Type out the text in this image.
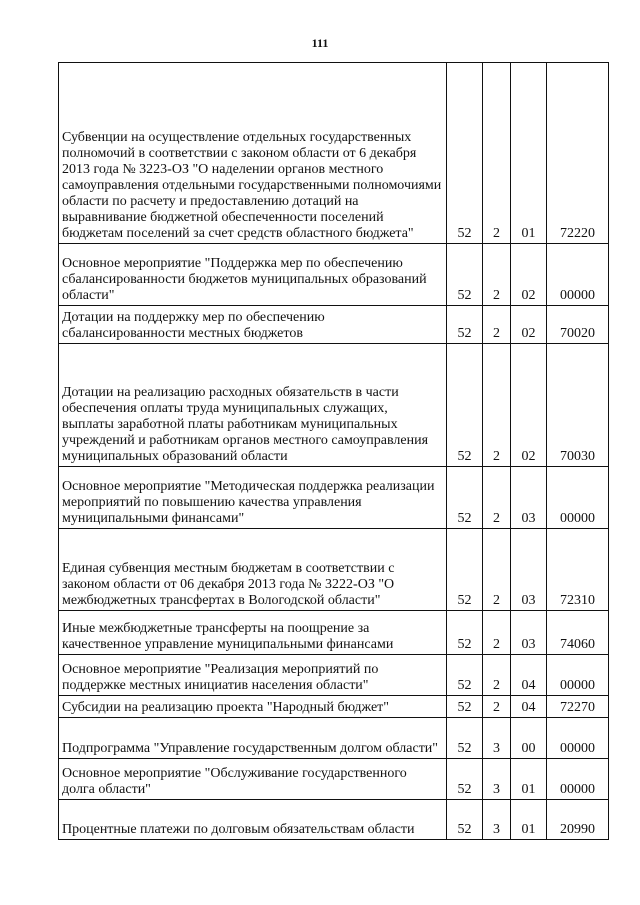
111
Субвенции на осуществление отдельных государственных полномочий в соответствии с законом области от 6 декабря 2013 года № 3223-ОЗ "О наделении органов местного самоуправления отдельными государственными полномочиями области по расчету и предоставлению дотаций на выравнивание бюджетной обеспеченности поселений бюджетам поселений за счет средств областного бюджета"	52	2	01	72220

Основное мероприятие "Поддержка мер по обеспечению сбалансированности бюджетов муниципальных образований области"	52	2	02	00000

Дотации на поддержку мер по обеспечению сбалансированности местных бюджетов	52	2	02	70020

Дотации на реализацию расходных обязательств в части обеспечения оплаты труда муниципальных служащих, выплаты заработной платы работникам муниципальных учреждений и работникам органов местного самоуправления муниципальных образований области	52	2	02	70030

Основное мероприятие "Методическая поддержка реализации мероприятий по повышению качества управления муниципальными финансами"	52	2	03	00000

Единая субвенция местным бюджетам в соответствии с законом области от 06 декабря 2013 года № 3222-ОЗ "О межбюджетных трансфертах в Вологодской области"	52	2	03	72310

Иные межбюджетные трансферты на поощрение за качественное управление муниципальными финансами	52	2	03	74060

Основное мероприятие "Реализация мероприятий по поддержке местных инициатив населения области"	52	2	04	00000

Субсидии на реализацию проекта "Народный бюджет"	52	2	04	72270

Подпрограмма "Управление государственным долгом области"	52	3	00	00000

Основное мероприятие "Обслуживание государственного долга области"	52	3	01	00000

Процентные платежи по долговым обязательствам области	52	3	01	20990
